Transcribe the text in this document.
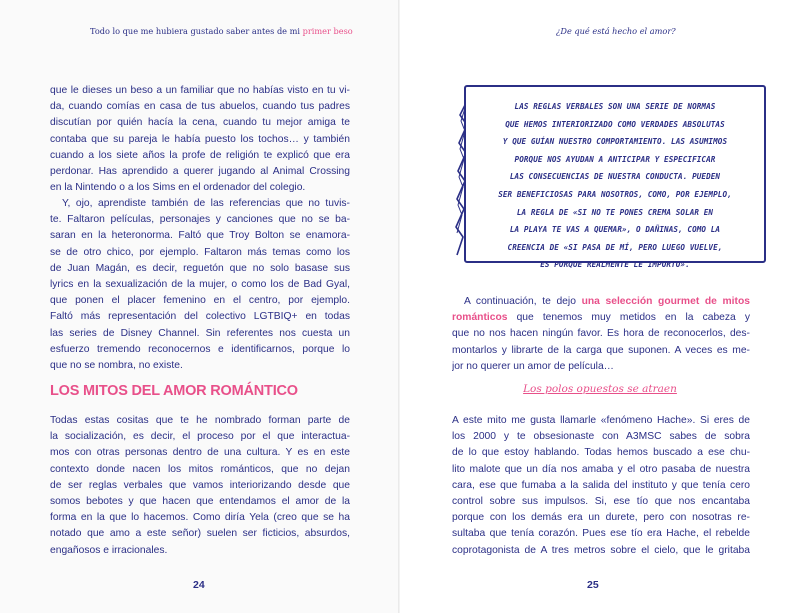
Todo lo que me hubiera gustado saber antes de mi primer beso
que le dieses un beso a un familiar que no habías visto en tu vi-
da, cuando comías en casa de tus abuelos, cuando tus padres
discutían por quién hacía la cena, cuando tu mejor amiga te
contaba que su pareja le había puesto los tochos… y también
cuando a los siete años la profe de religión te explicó que era
perdonar. Has aprendido a querer jugando al Animal Crossing
en la Nintendo o a los Sims en el ordenador del colegio.
Y, ojo, aprendiste también de las referencias que no tuvis-
te. Faltaron películas, personajes y canciones que no se ba-
saran en la heteronorma. Faltó que Troy Bolton se enamora-
se de otro chico, por ejemplo. Faltaron más temas como los
de Juan Magán, es decir, reguetón que no solo basase sus
lyrics en la sexualización de la mujer, o como los de Bad Gyal,
que ponen el placer femenino en el centro, por ejemplo.
Faltó más representación del colectivo LGTBIQ+ en todas
las series de Disney Channel. Sin referentes nos cuesta un
esfuerzo tremendo reconocernos e identificarnos, porque lo
que no se nombra, no existe.
LOS MITOS DEL AMOR ROMÁNTICO
Todas estas cositas que te he nombrado forman parte de
la socialización, es decir, el proceso por el que interactua-
mos con otras personas dentro de una cultura. Y es en este
contexto donde nacen los mitos románticos, que no dejan
de ser reglas verbales que vamos interiorizando desde que
somos bebotes y que hacen que entendamos el amor de la
forma en la que lo hacemos. Como diría Yela (creo que se ha
notado que amo a este señor) suelen ser ficticios, absurdos,
engañosos e irracionales.
24
¿De qué está hecho el amor?
LAS REGLAS VERBALES SON UNA SERIE DE NORMAS
QUE HEMOS INTERIORIZADO COMO VERDADES ABSOLUTAS
Y QUE GUÍAN NUESTRO COMPORTAMIENTO. LAS ASUMIMOS
PORQUE NOS AYUDAN A ANTICIPAR Y ESPECIFICAR
LAS CONSECUENCIAS DE NUESTRA CONDUCTA. PUEDEN
SER BENEFICIOSAS PARA NOSOTROS, COMO, POR EJEMPLO,
LA REGLA DE «SI NO TE PONES CREMA SOLAR EN
LA PLAYA TE VAS A QUEMAR», O DAÑINAS, COMO LA
CREENCIA DE «SI PASA DE MÍ, PERO LUEGO VUELVE,
ES PORQUE REALMENTE LE IMPORTO».
A continuación, te dejo una selección gourmet de mitos
románticos que tenemos muy metidos en la cabeza y
que no nos hacen ningún favor. Es hora de reconocerlos, des-
montarlos y librarte de la carga que suponen. A veces es me-
jor no querer un amor de película…
Los polos opuestos se atraen
A este mito me gusta llamarle «fenómeno Hache». Si eres de
los 2000 y te obsesionaste con A3MSC sabes de sobra
de lo que estoy hablando. Todas hemos buscado a ese chu-
lito malote que un día nos amaba y el otro pasaba de nuestra
cara, ese que fumaba a la salida del instituto y que tenía cero
control sobre sus impulsos. Si, ese tío que nos encantaba
porque con los demás era un durete, pero con nosotras re-
sultaba que tenía corazón. Pues ese tío era Hache, el rebelde
coprotagonista de A tres metros sobre el cielo, que le gritaba
25
